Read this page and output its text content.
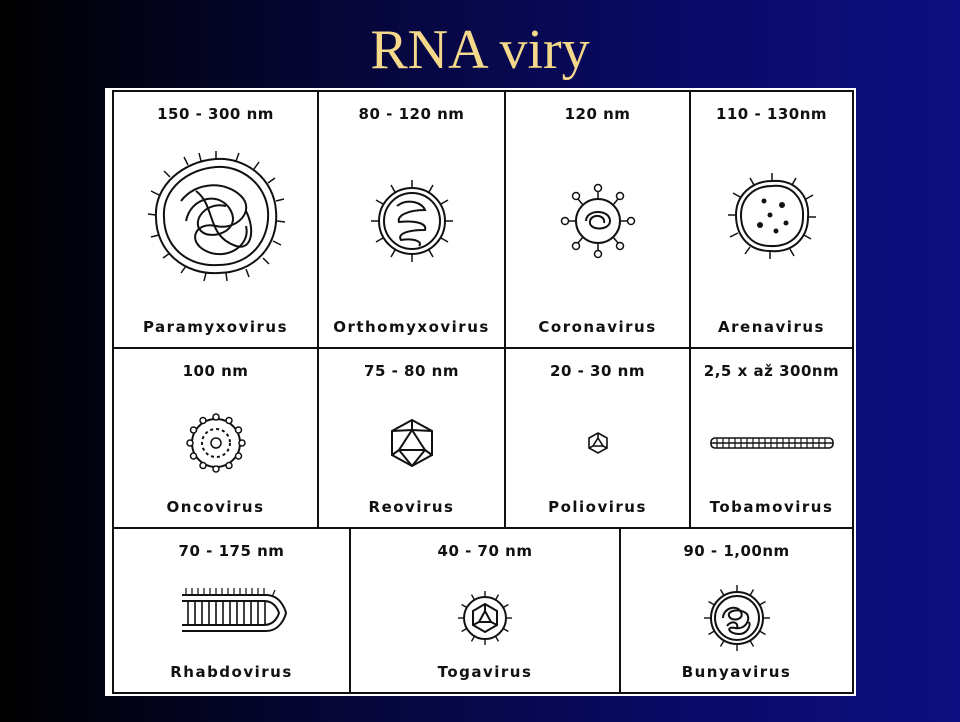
RNA viry
150 - 300 nm
Paramyxovirus
80 - 120 nm
Orthomyxovirus
120 nm
Coronavirus
110 - 130nm
Arenavirus
100 nm
Oncovirus
75 - 80 nm
Reovirus
20 - 30 nm
Poliovirus
2,5 x až 300nm
Tobamovirus
70 - 175 nm
Rhabdovirus
40 - 70 nm
Togavirus
90 - 1,00nm
Bunyavirus
